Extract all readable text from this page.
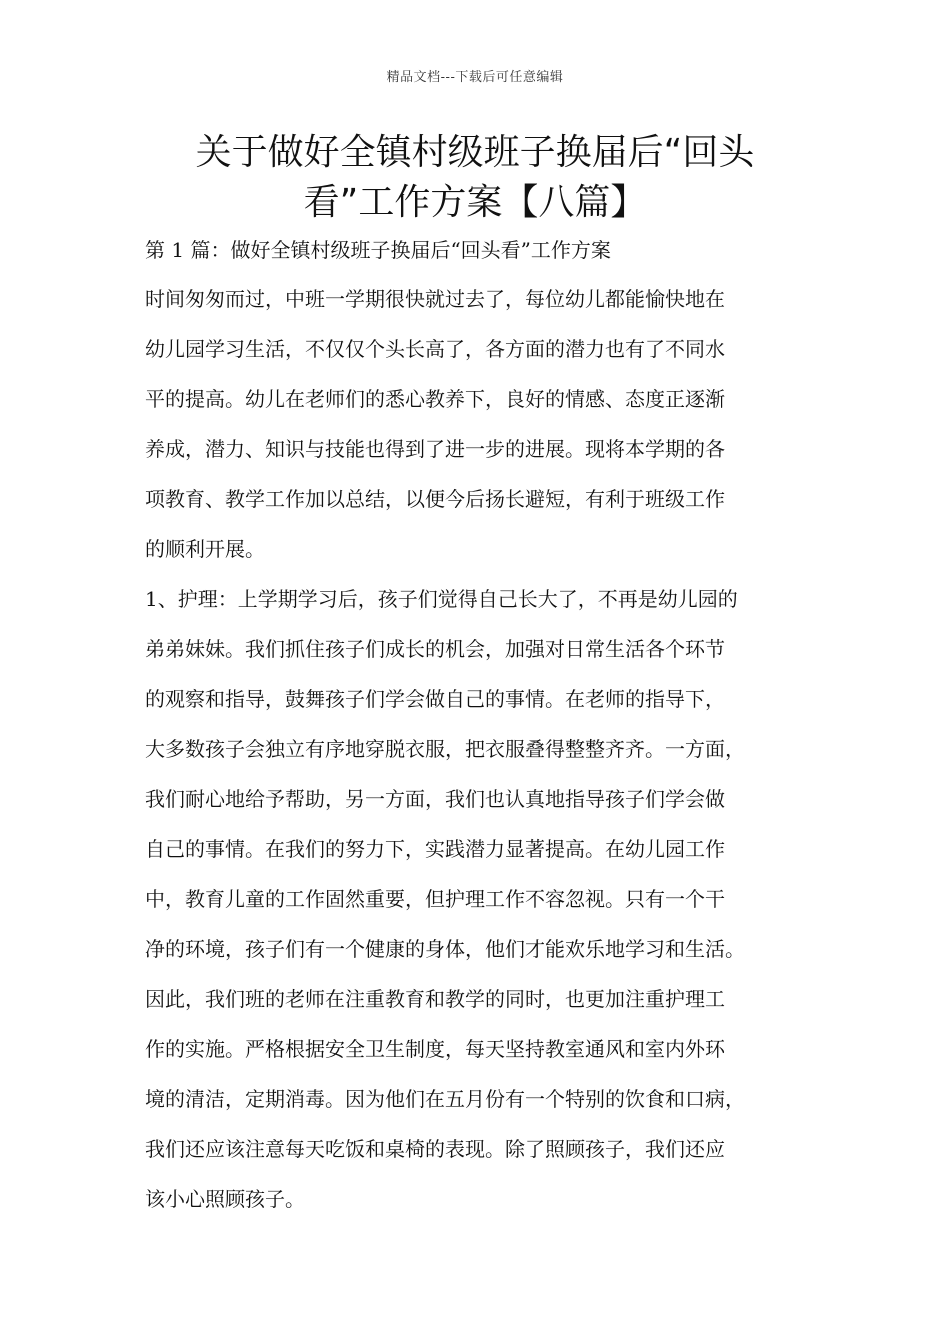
精品文档---下载后可任意编辑
关于做好全镇村级班子换届后“回头
看”工作方案【八篇】
第 1 篇：做好全镇村级班子换届后“回头看”工作方案
时间匆匆而过，中班一学期很快就过去了，每位幼儿都能愉快地在
幼儿园学习生活，不仅仅个头长高了，各方面的潜力也有了不同水
平的提高。幼儿在老师们的悉心教养下，良好的情感、态度正逐渐
养成，潜力、知识与技能也得到了进一步的进展。现将本学期的各
项教育、教学工作加以总结，以便今后扬长避短，有利于班级工作
的顺利开展。
1、护理：上学期学习后，孩子们觉得自己长大了，不再是幼儿园的
弟弟妹妹。我们抓住孩子们成长的机会，加强对日常生活各个环节
的观察和指导，鼓舞孩子们学会做自己的事情。在老师的指导下，
大多数孩子会独立有序地穿脱衣服，把衣服叠得整整齐齐。一方面，
我们耐心地给予帮助，另一方面，我们也认真地指导孩子们学会做
自己的事情。在我们的努力下，实践潜力显著提高。在幼儿园工作
中，教育儿童的工作固然重要，但护理工作不容忽视。只有一个干
净的环境，孩子们有一个健康的身体，他们才能欢乐地学习和生活。
因此，我们班的老师在注重教育和教学的同时，也更加注重护理工
作的实施。严格根据安全卫生制度，每天坚持教室通风和室内外环
境的清洁，定期消毒。因为他们在五月份有一个特别的饮食和口病，
我们还应该注意每天吃饭和桌椅的表现。除了照顾孩子，我们还应
该小心照顾孩子。
